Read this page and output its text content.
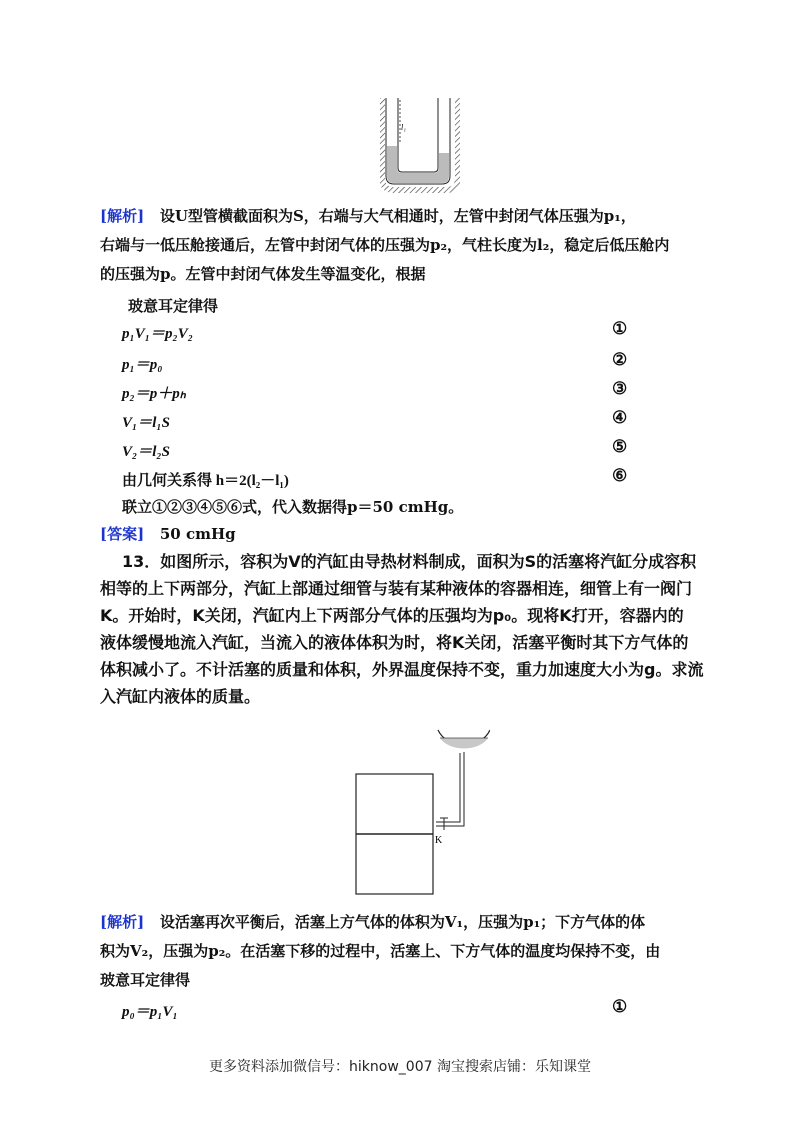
l₁
[解析] 设U型管横截面积为S，右端与大气相通时，左管中封闭气体压强为p₁，
右端与一低压舱接通后，左管中封闭气体的压强为p₂，气柱长度为l₂，稳定后低压舱内
的压强为p。左管中封闭气体发生等温变化，根据
玻意耳定律得
p₁V₁＝p₂V₂	①
p₁＝p₀	②
p₂＝p＋pₕ	③
V₁＝l₁S	④
V₂＝l₂S	⑤
由几何关系得 h＝2(l₂－l₁)	⑥
联立①②③④⑤⑥式，代入数据得p＝50 cmHg。
[答案] 50 cmHg
13．如图所示，容积为V的汽缸由导热材料制成，面积为S的活塞将汽缸分成容积
相等的上下两部分，汽缸上部通过细管与装有某种液体的容器相连，细管上有一阀门
K。开始时，K关闭，汽缸内上下两部分气体的压强均为p₀。现将K打开，容器内的
液体缓慢地流入汽缸，当流入的液体体积为时，将K关闭，活塞平衡时其下方气体的
体积减小了。不计活塞的质量和体积，外界温度保持不变，重力加速度大小为g。求流
入汽缸内液体的质量。
K
[解析] 设活塞再次平衡后，活塞上方气体的体积为V₁，压强为p₁；下方气体的体
积为V₂，压强为p₂。在活塞下移的过程中，活塞上、下方气体的温度均保持不变，由
玻意耳定律得
p₀＝p₁V₁	①
更多资料添加微信号：hiknow_007 淘宝搜索店铺：乐知课堂
